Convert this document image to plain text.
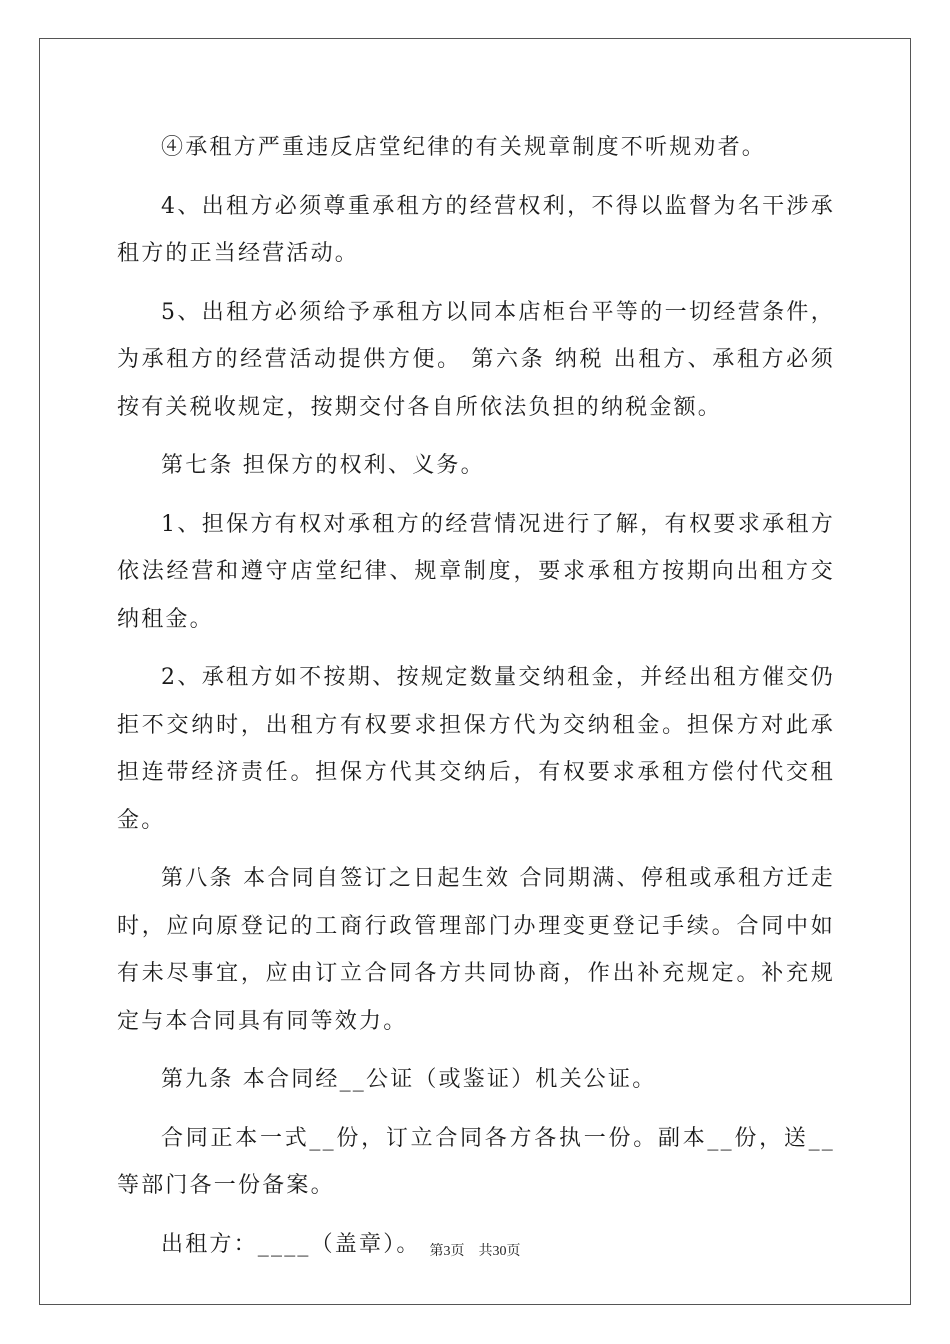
④承租方严重违反店堂纪律的有关规章制度不听规劝者。

4、出租方必须尊重承租方的经营权利，不得以监督为名干涉承租方的正当经营活动。

5、出租方必须给予承租方以同本店柜台平等的一切经营条件，为承租方的经营活动提供方便。 第六条 纳税 出租方、承租方必须按有关税收规定，按期交付各自所依法负担的纳税金额。

第七条 担保方的权利、义务。

1、担保方有权对承租方的经营情况进行了解，有权要求承租方依法经营和遵守店堂纪律、规章制度，要求承租方按期向出租方交纳租金。

2、承租方如不按期、按规定数量交纳租金，并经出租方催交仍拒不交纳时，出租方有权要求担保方代为交纳租金。担保方对此承担连带经济责任。担保方代其交纳后，有权要求承租方偿付代交租金。

第八条 本合同自签订之日起生效 合同期满、停租或承租方迁走时，应向原登记的工商行政管理部门办理变更登记手续。合同中如有未尽事宜，应由订立合同各方共同协商，作出补充规定。补充规定与本合同具有同等效力。

第九条 本合同经__公证（或鉴证）机关公证。

合同正本一式__份，订立合同各方各执一份。副本__份，送__等部门各一份备案。

出租方：____（盖章）。 第3页　共30页
